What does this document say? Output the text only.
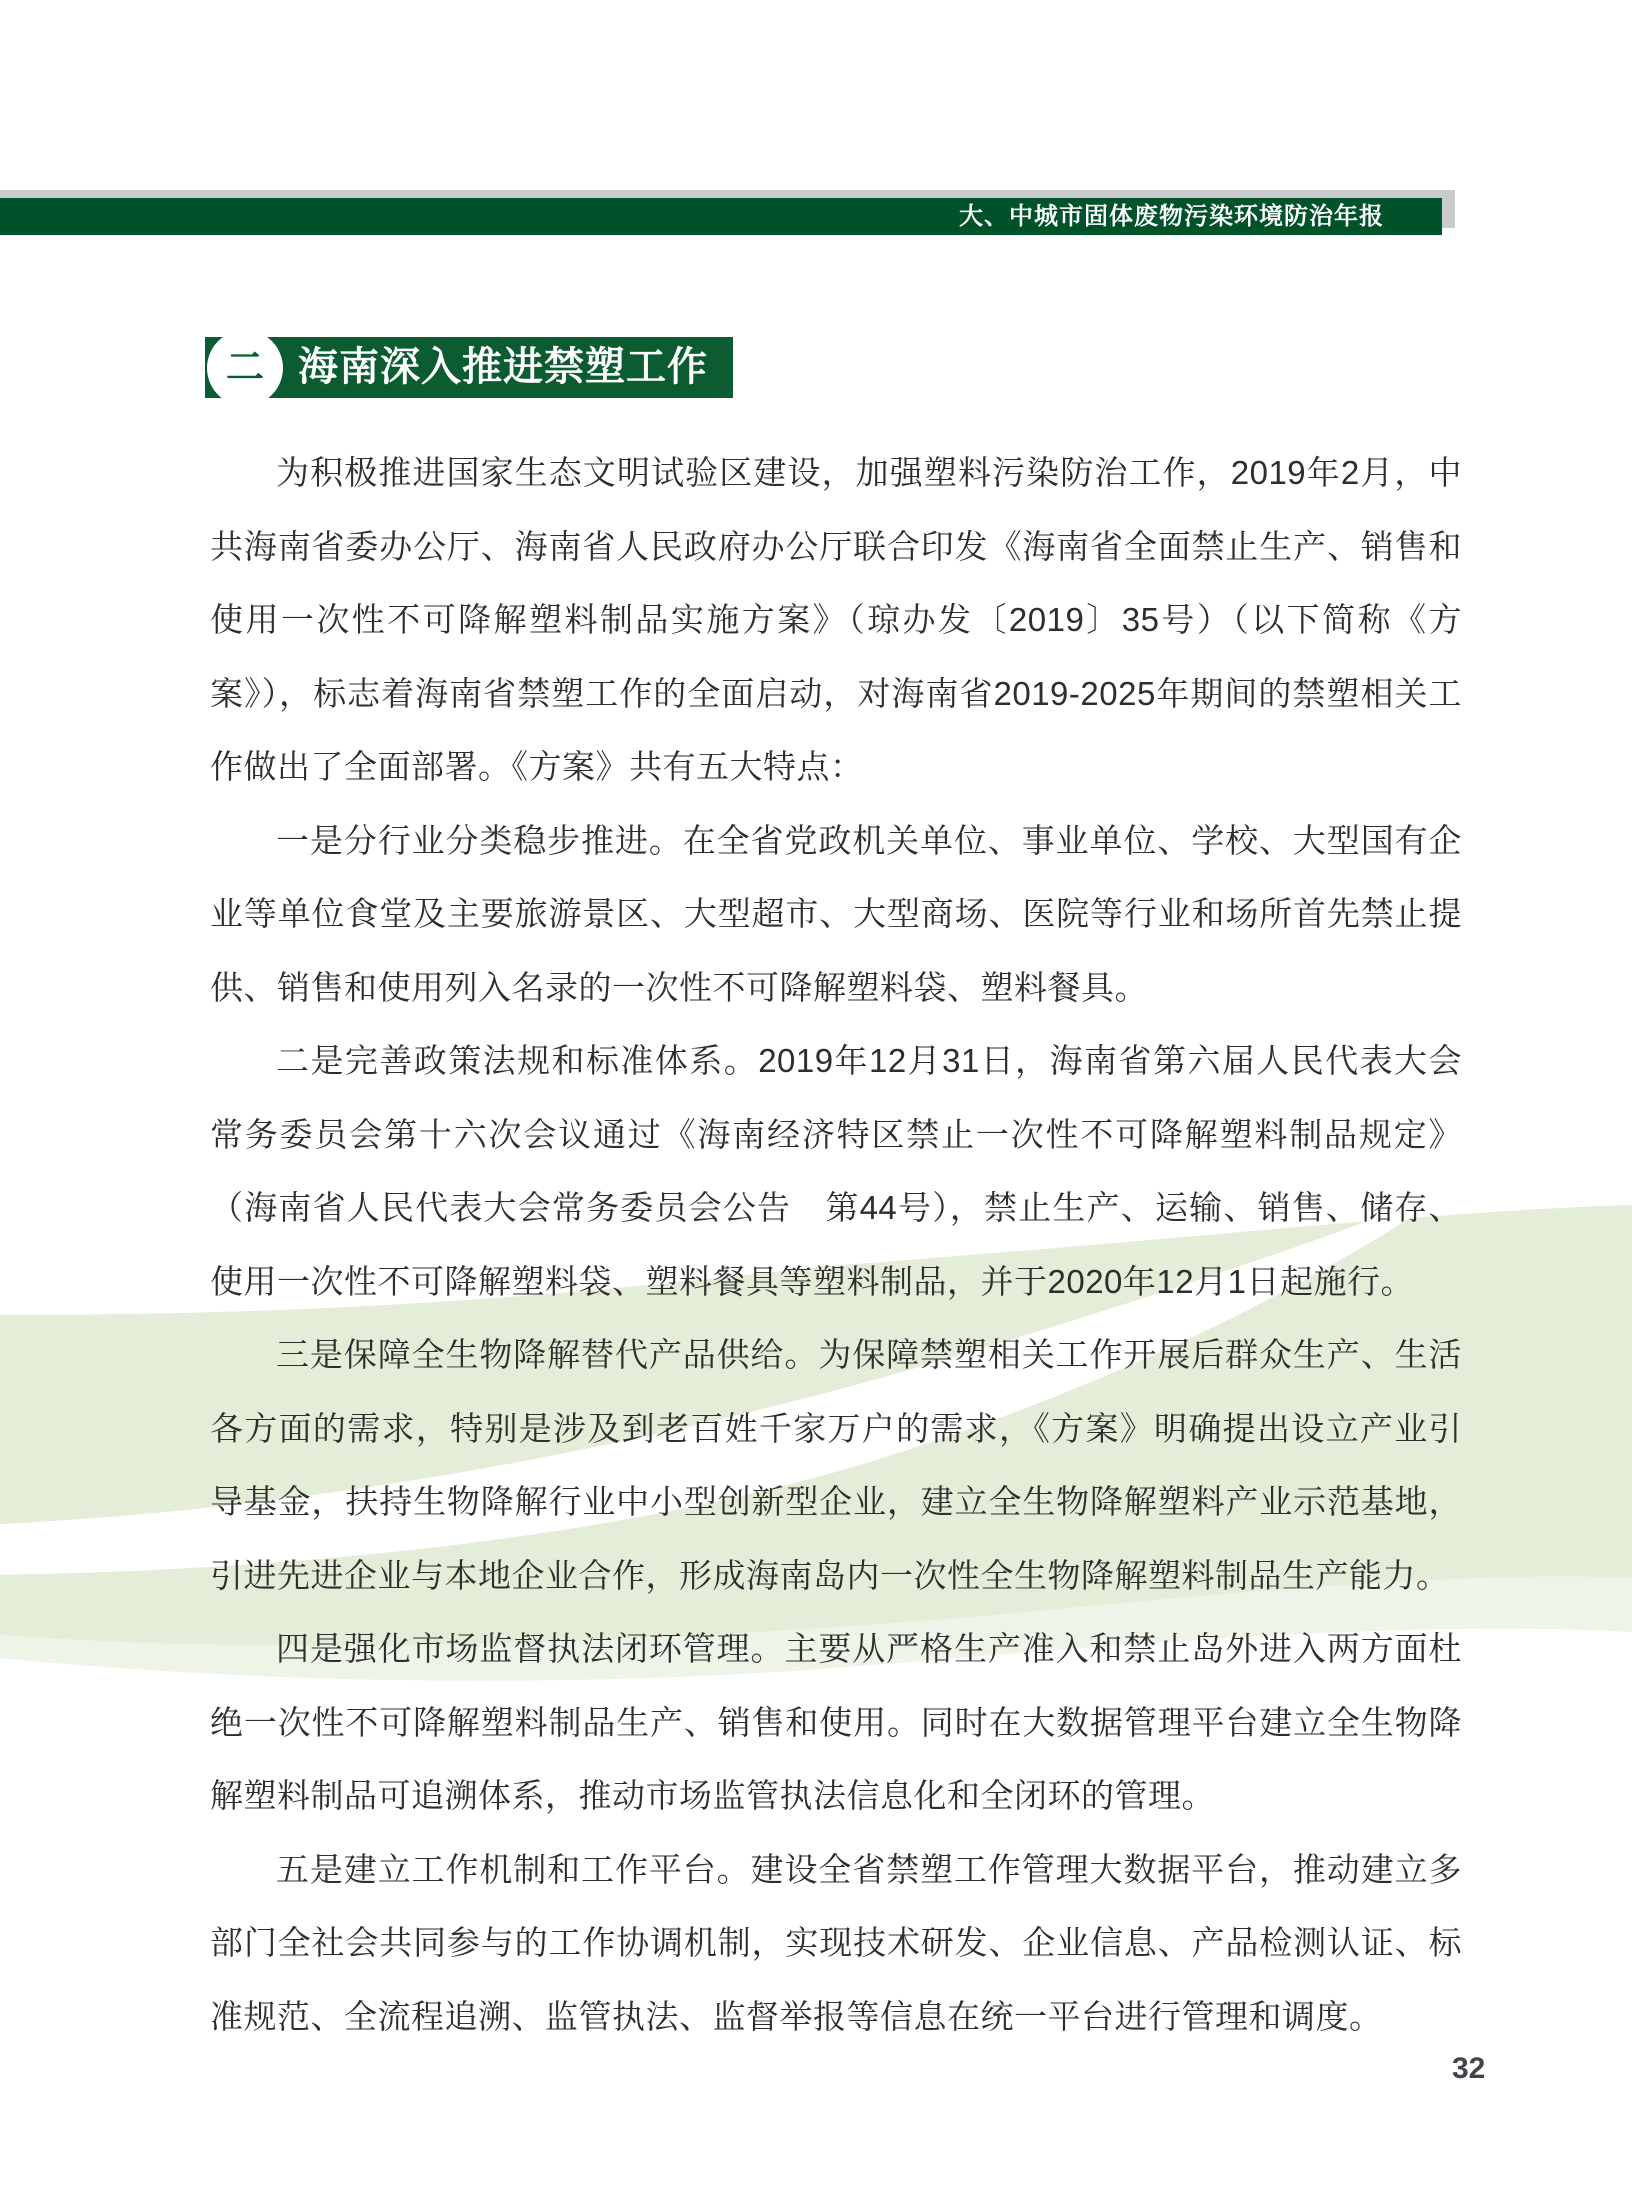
大、中城市固体废物污染环境防治年报
二 海南深入推进禁塑工作

为积极推进国家生态文明试验区建设，加强塑料污染防治工作，2019年2月，中共海南省委办公厅、海南省人民政府办公厅联合印发《海南省全面禁止生产、销售和使用一次性不可降解塑料制品实施方案》（琼办发〔2019〕35号）（以下简称《方案》），标志着海南省禁塑工作的全面启动，对海南省2019-2025年期间的禁塑相关工作做出了全面部署。《方案》共有五大特点：

一是分行业分类稳步推进。在全省党政机关单位、事业单位、学校、大型国有企业等单位食堂及主要旅游景区、大型超市、大型商场、医院等行业和场所首先禁止提供、销售和使用列入名录的一次性不可降解塑料袋、塑料餐具。

二是完善政策法规和标准体系。2019年12月31日，海南省第六届人民代表大会常务委员会第十六次会议通过《海南经济特区禁止一次性不可降解塑料制品规定》（海南省人民代表大会常务委员会公告　第44号），禁止生产、运输、销售、储存、使用一次性不可降解塑料袋、塑料餐具等塑料制品，并于2020年12月1日起施行。

三是保障全生物降解替代产品供给。为保障禁塑相关工作开展后群众生产、生活各方面的需求，特别是涉及到老百姓千家万户的需求，《方案》明确提出设立产业引导基金，扶持生物降解行业中小型创新型企业，建立全生物降解塑料产业示范基地，引进先进企业与本地企业合作，形成海南岛内一次性全生物降解塑料制品生产能力。

四是强化市场监督执法闭环管理。主要从严格生产准入和禁止岛外进入两方面杜绝一次性不可降解塑料制品生产、销售和使用。同时在大数据管理平台建立全生物降解塑料制品可追溯体系，推动市场监管执法信息化和全闭环的管理。

五是建立工作机制和工作平台。建设全省禁塑工作管理大数据平台，推动建立多部门全社会共同参与的工作协调机制，实现技术研发、企业信息、产品检测认证、标准规范、全流程追溯、监管执法、监督举报等信息在统一平台进行管理和调度。

32
